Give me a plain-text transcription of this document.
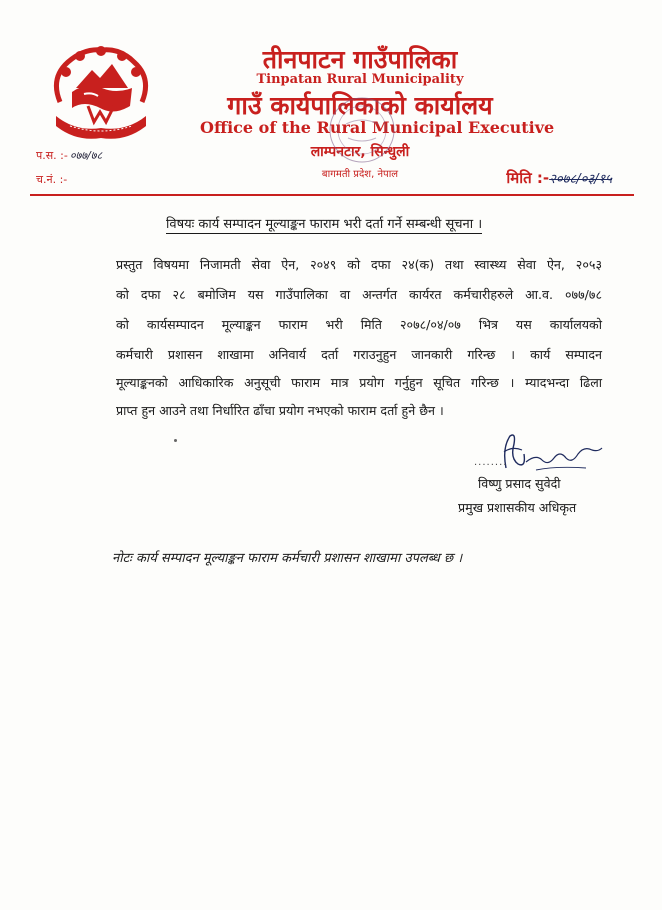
तीनपाटन गाउँपालिका
Tinpatan Rural Municipality
गाउँ कार्यपालिकाको कार्यालय
Office of the Rural Municipal Executive
लाम्पनटार, सिन्धुली
बागमती प्रदेश, नेपाल
प.स. :- ०७७/७८
च.नं. :-	मिति :-२०७८/०३/१५
विषयः कार्य सम्पादन मूल्याङ्कन फाराम भरी दर्ता गर्ने सम्बन्धी सूचना ।
प्रस्तुत विषयमा निजामती सेवा ऐन, २०४९ को दफा २४(क) तथा स्वास्थ्य सेवा ऐन, २०५३
को दफा २८ बमोजिम यस गाउँपालिका वा अन्तर्गत कार्यरत कर्मचारीहरुले आ.व. ०७७/७८
को कार्यसम्पादन मूल्याङ्कन फाराम भरी मिति २०७८/०४/०७ भित्र यस कार्यालयको
कर्मचारी प्रशासन शाखामा अनिवार्य दर्ता गराउनुहुन जानकारी गरिन्छ । कार्य सम्पादन
मूल्याङ्कनको आधिकारिक अनुसूची फाराम मात्र प्रयोग गर्नुहुन सूचित गरिन्छ । म्यादभन्दा ढिला
प्राप्त हुन आउने तथा निर्धारित ढाँचा प्रयोग नभएको फाराम दर्ता हुने छैन ।
........
विष्णु प्रसाद सुवेदी
प्रमुख प्रशासकीय अधिकृत
नोटः कार्य सम्पादन मूल्याङ्कन फाराम कर्मचारी प्रशासन शाखामा उपलब्ध छ ।
